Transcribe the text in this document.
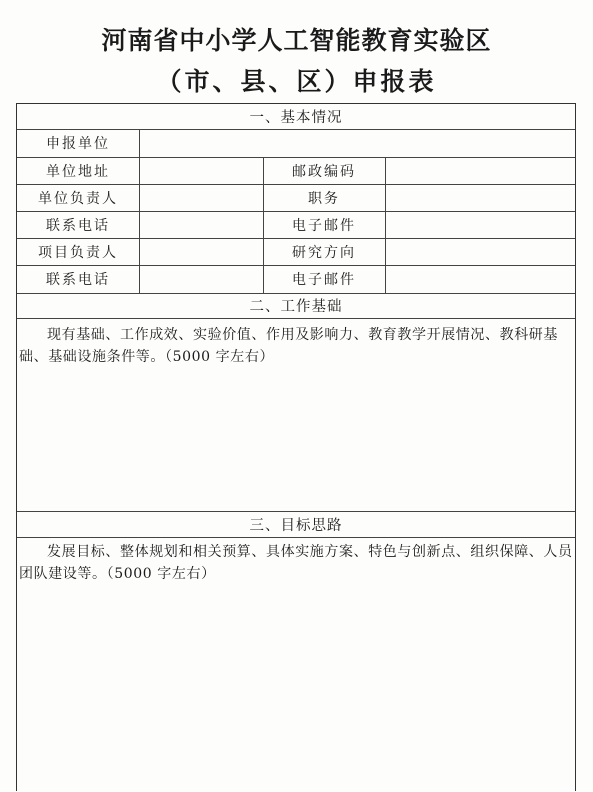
河南省中小学人工智能教育实验区
（市、县、区）申报表
一、基本情况
申报单位
单位地址	邮政编码
单位负责人	职务
联系电话	电子邮件
项目负责人	研究方向
联系电话	电子邮件
二、工作基础
现有基础、工作成效、实验价值、作用及影响力、教育教学开展情况、教科研基础、基础设施条件等。（5000 字左右）
三、目标思路
发展目标、整体规划和相关预算、具体实施方案、特色与创新点、组织保障、人员团队建设等。（5000 字左右）
